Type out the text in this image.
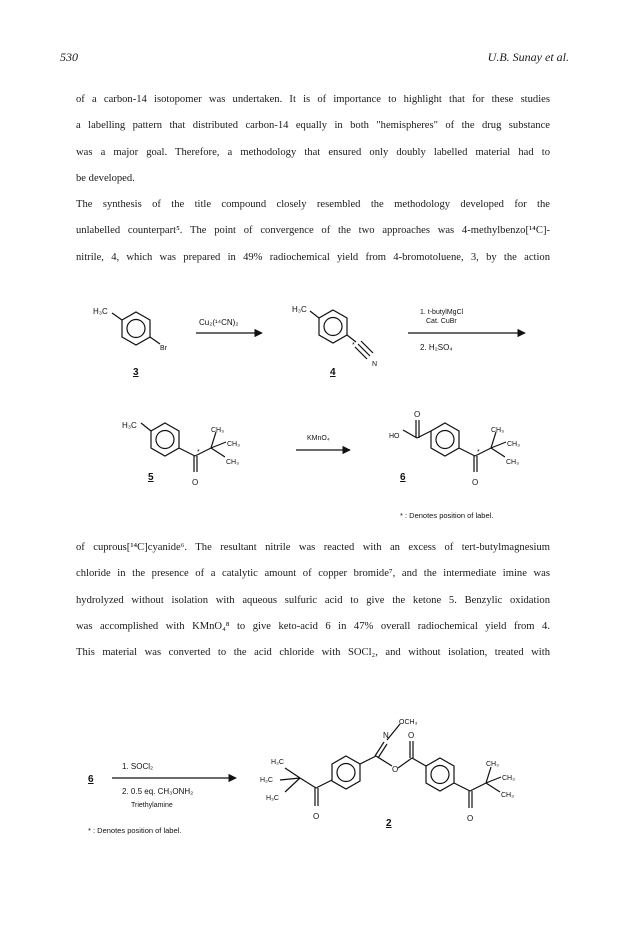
530	U.B. Sunay et al.
of a carbon-14 isotopomer was undertaken. It is of importance to highlight that for these studies
a labelling pattern that distributed carbon-14 equally in both "hemispheres" of the drug substance
was a major goal. Therefore, a methodology that ensured only doubly labelled material had to
be developed.
The synthesis of the title compound closely resembled the methodology developed for the
unlabelled counterpart⁵. The point of convergence of the two approaches was 4-methylbenzo[¹⁴C]-
nitrile, 4, which was prepared in 49% radiochemical yield from 4-bromotoluene, 3, by the action
of cuprous[¹⁴C]cyanide⁶. The resultant nitrile was reacted with an excess of tert-butylmagnesium
chloride in the presence of a catalytic amount of copper bromide⁷, and the intermediate imine was
hydrolyzed without isolation with aqueous sulfuric acid to give the ketone 5. Benzylic oxidation
was accomplished with KMnO₄⁸ to give keto-acid 6 in 47% overall radiochemical yield from 4.
This material was converted to the acid chloride with SOCl₂, and without isolation, treated with
H₃C
Br
3
Cu₂(¹⁴CN)₂
H₃C
N
*
4
1. t-butylMgCl
Cat. CuBr
2. H₂SO₄
H₃C
CH₃
CH₃
CH₃
O
*
5
KMnO₄	HO
O
CH₃
CH₃
CH₃
O
*
6
* : Denotes position of label.
6
1. SOCl₂
2. 0.5 eq. CH₃ONH₂
Triethylamine
* : Denotes position of label.
H₃C
H₃C
H₃C
O
N
OCH₃
O
O
CH₃
CH₃
CH₃
O
2
